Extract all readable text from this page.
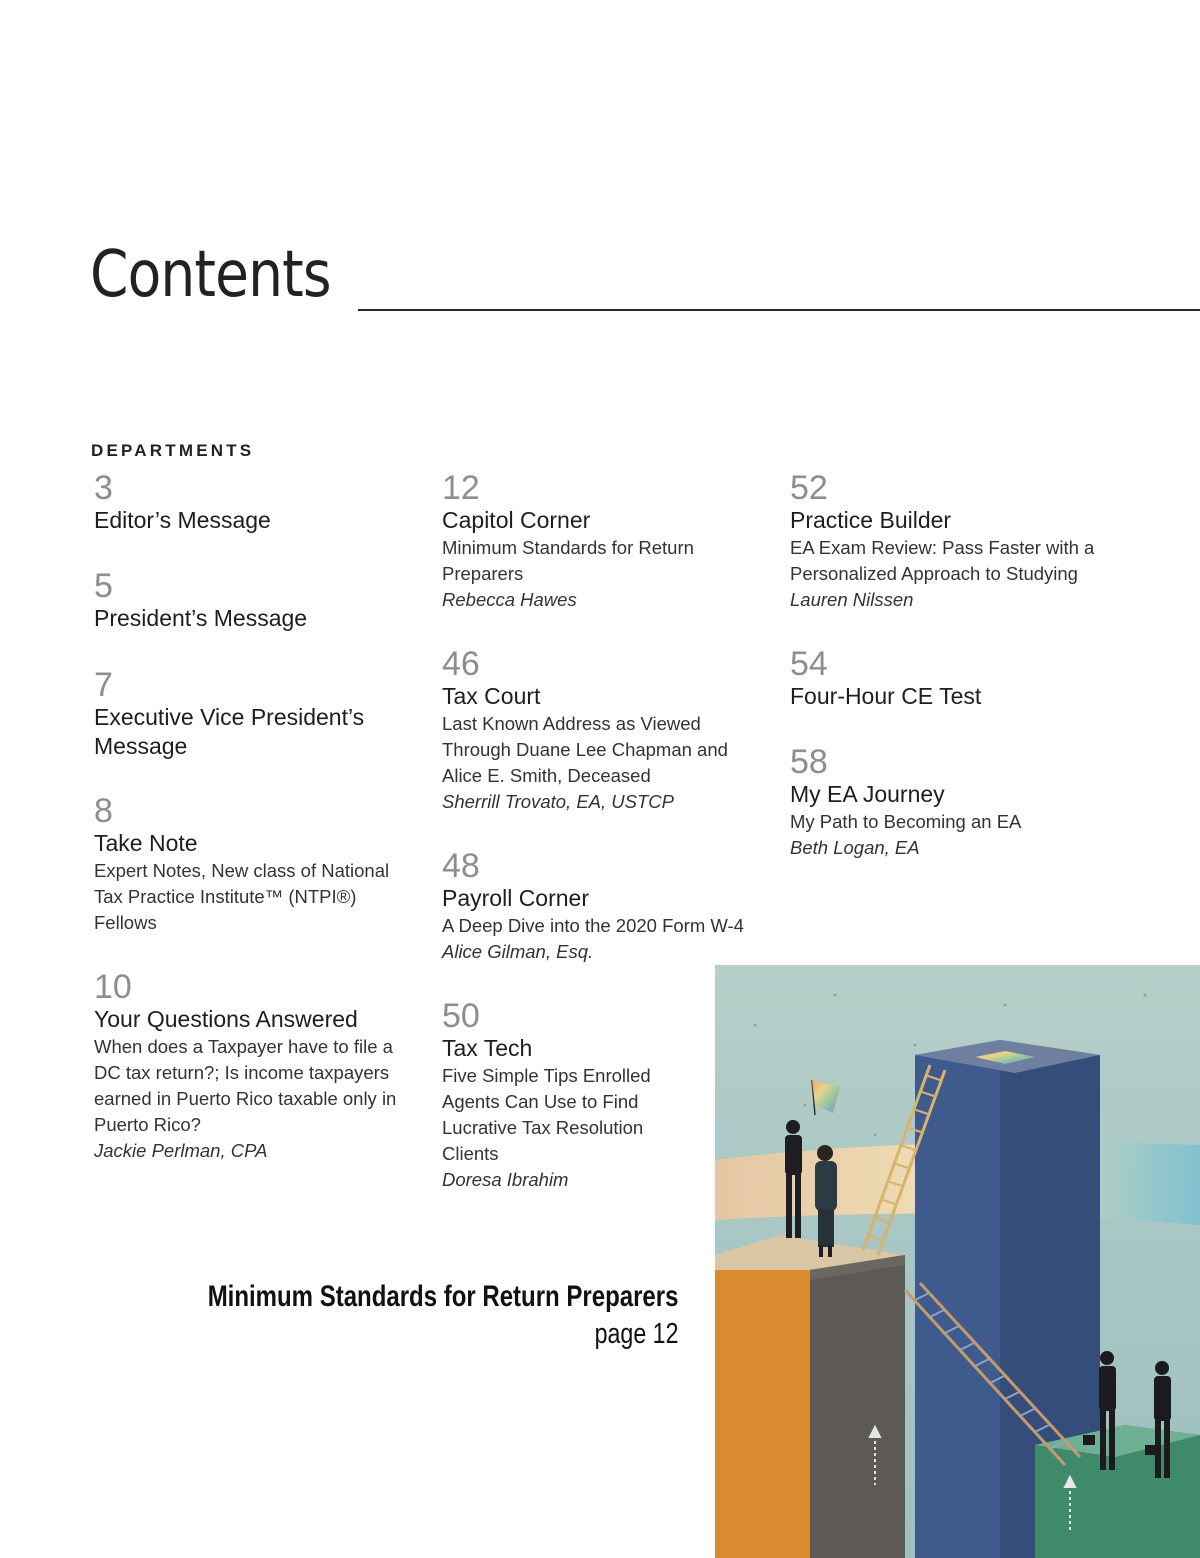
Contents
DEPARTMENTS
3
Editor’s Message
5
President’s Message
7
Executive Vice President’s Message
8
Take Note
Expert Notes, New class of National Tax Practice Institute™ (NTPI®) Fellows
10
Your Questions Answered
When does a Taxpayer have to file a DC tax return?; Is income taxpayers earned in Puerto Rico taxable only in Puerto Rico?
Jackie Perlman, CPA
12
Capitol Corner
Minimum Standards for Return Preparers
Rebecca Hawes
46
Tax Court
Last Known Address as Viewed Through Duane Lee Chapman and Alice E. Smith, Deceased
Sherrill Trovato, EA, USTCP
48
Payroll Corner
A Deep Dive into the 2020 Form W-4
Alice Gilman, Esq.
50
Tax Tech
Five Simple Tips Enrolled Agents Can Use to Find Lucrative Tax Resolution Clients
Doresa Ibrahim
52
Practice Builder
EA Exam Review: Pass Faster with a Personalized Approach to Studying
Lauren Nilssen
54
Four-Hour CE Test
58
My EA Journey
My Path to Becoming an EA
Beth Logan, EA
Minimum Standards for Return Preparers
page 12
